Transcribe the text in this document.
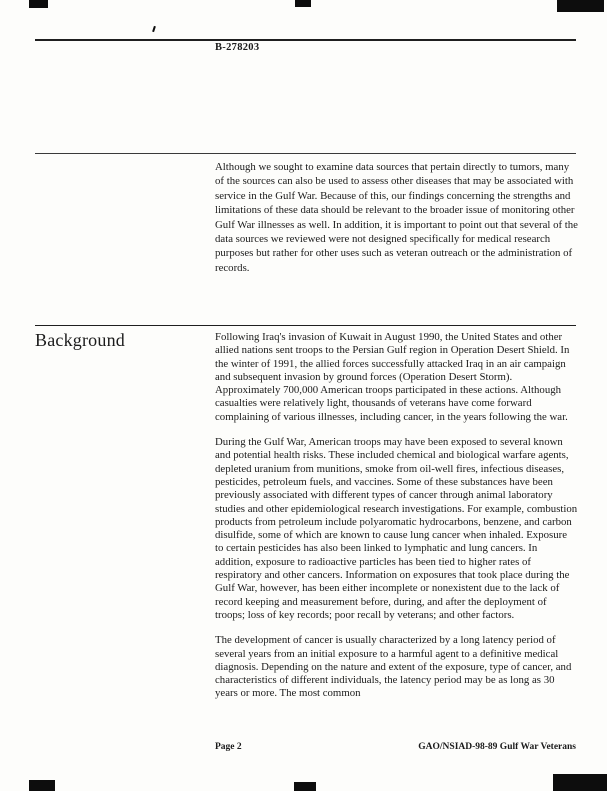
B-278203
Although we sought to examine data sources that pertain directly to tumors, many of the sources can also be used to assess other diseases that may be associated with service in the Gulf War. Because of this, our findings concerning the strengths and limitations of these data should be relevant to the broader issue of monitoring other Gulf War illnesses as well. In addition, it is important to point out that several of the data sources we reviewed were not designed specifically for medical research purposes but rather for other uses such as veteran outreach or the administration of records.
Background	Following Iraq's invasion of Kuwait in August 1990, the United States and other allied nations sent troops to the Persian Gulf region in Operation Desert Shield. In the winter of 1991, the allied forces successfully attacked Iraq in an air campaign and subsequent invasion by ground forces (Operation Desert Storm). Approximately 700,000 American troops participated in these actions. Although casualties were relatively light, thousands of veterans have come forward complaining of various illnesses, including cancer, in the years following the war.

During the Gulf War, American troops may have been exposed to several known and potential health risks. These included chemical and biological warfare agents, depleted uranium from munitions, smoke from oil-well fires, infectious diseases, pesticides, petroleum fuels, and vaccines. Some of these substances have been previously associated with different types of cancer through animal laboratory studies and other epidemiological research investigations. For example, combustion products from petroleum include polyaromatic hydrocarbons, benzene, and carbon disulfide, some of which are known to cause lung cancer when inhaled. Exposure to certain pesticides has also been linked to lymphatic and lung cancers. In addition, exposure to radioactive particles has been tied to higher rates of respiratory and other cancers. Information on exposures that took place during the Gulf War, however, has been either incomplete or nonexistent due to the lack of record keeping and measurement before, during, and after the deployment of troops; loss of key records; poor recall by veterans; and other factors.

The development of cancer is usually characterized by a long latency period of several years from an initial exposure to a harmful agent to a definitive medical diagnosis. Depending on the nature and extent of the exposure, type of cancer, and characteristics of different individuals, the latency period may be as long as 30 years or more. The most common

Page 2	GAO/NSIAD-98-89 Gulf War Veterans
